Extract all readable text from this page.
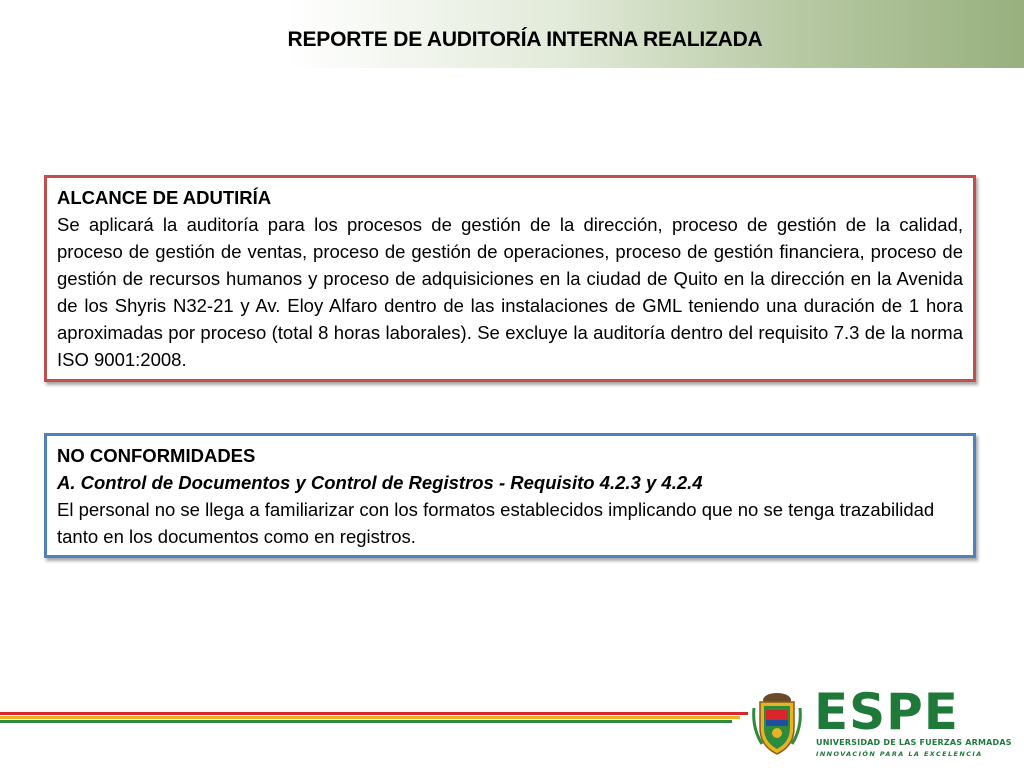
REPORTE DE AUDITORÍA INTERNA REALIZADA
ALCANCE DE ADUTIRÍA
Se aplicará la auditoría para los procesos de gestión de la dirección, proceso de gestión de la calidad, proceso de gestión de ventas, proceso de gestión de operaciones, proceso de gestión financiera, proceso de gestión de recursos humanos y proceso de adquisiciones en la ciudad de Quito en la dirección en la Avenida de los Shyris N32-21 y Av. Eloy Alfaro dentro de las instalaciones de GML teniendo una duración de 1 hora aproximadas por proceso (total 8 horas laborales). Se excluye la auditoría dentro del requisito 7.3 de la norma ISO 9001:2008.
NO CONFORMIDADES
A. Control de Documentos y Control de Registros - Requisito 4.2.3 y 4.2.4
El personal no se llega a familiarizar con los formatos establecidos implicando que no se tenga trazabilidad tanto en los documentos como en registros.
ESPE
UNIVERSIDAD DE LAS FUERZAS ARMADAS
INNOVACIÓN PARA LA EXCELENCIA
